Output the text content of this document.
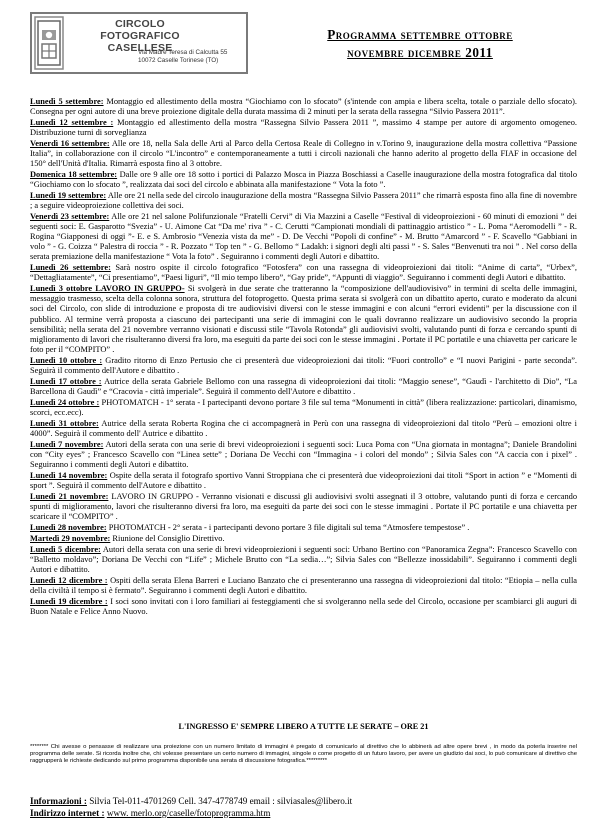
CIRCOLO FOTOGRAFICO CASELLESE
Via Madre Teresa di Calcutta 55
10072 Caselle Torinese (TO)
Programma settembre ottobre
novembre dicembre 2011

Lunedì 5 settembre: Montaggio ed allestimento della mostra “Giochiamo con lo sfocato” (s'intende con ampia e libera scelta, totale o parziale dello sfocato). Consegna per ogni autore di una breve proiezione digitale della durata massima di 2 minuti per la serata della rassegna “Silvio Passera 2011”.

Lunedì 12 settembre : Montaggio ed allestimento della mostra “Rassegna Silvio Passera 2011 ”, massimo 4 stampe per autore di argomento omogeneo. Distribuzione turni di sorveglianza

Venerdì 16 settembre: Alle ore 18, nella Sala delle Arti al Parco della Certosa Reale di Collegno in v.Torino 9, inaugurazione della mostra collettiva “Passione Italia”, in collaborazione con il circolo “L'incontro” e contemporaneamente a tutti i circoli nazionali che hanno aderito al progetto della FIAF in occasione del 150° dell'Unità d'Italia. Rimarrà esposta fino al 3 ottobre.

Domenica 18 settembre: Dalle ore 9 alle ore 18 sotto i portici di Palazzo Mosca in Piazza Boschiassi a Caselle inaugurazione della mostra fotografica dal titolo “Giochiamo con lo sfocato ”, realizzata dai soci del circolo e abbinata alla manifestazione “ Vota la foto ”.

Lunedì 19 settembre: Alle ore 21 nella sede del circolo inaugurazione della mostra “Rassegna Silvio Passera 2011” che rimarrà esposta fino alla fine di novembre ; a seguire videoproiezione collettiva dei soci.

Venerdì 23 settembre: Alle ore 21 nel salone Polifunzionale “Fratelli Cervi” di Via Mazzini a Caselle “Festival di videoproiezioni - 60 minuti di emozioni ” dei seguenti soci: E. Gasparotto “Svezia” - U. Aimone Cat “Da me' riva ” - C. Cerutti “Campionati mondiali di pattinaggio artistico ” - L. Poma “Aeromodelli ” - R. Rogina “Giapponesi di oggi ”- E. e S. Ambrosio “Venezia vista da me” - D. De Vecchi “Popoli di confine” - M. Brutto “Amarcord ” - F. Scavello “Gabbiani in volo ” - G. Coizza “ Palestra di roccia ” - R. Pozzato “ Top ten ” - G. Bellomo “ Ladakh: i signori degli alti passi ” - S. Sales “Benvenuti tra noi ” . Nel corso della serata premiazione della manifestazione “ Vota la foto” . Seguiranno i commenti degli Autori e dibattito.

Lunedì 26 settembre: Sarà nostro ospite il circolo fotografico “Fotosfera” con una rassegna di videoproiezioni dai titoli: “Anime di carta”, “Urbex”, “Dettagliatamente”, “Ci presentiamo”, “Paesi liguri”, “Il mio tempo libero”, “Gay pride”, “Appunti di viaggio”. Seguiranno i commenti degli Autori e dibattito.

Lunedì 3 ottobre LAVORO IN GRUPPO- Si svolgerà in due serate che tratteranno la “composizione dell'audiovisivo” in termini di scelta delle immagini, messaggio trasmesso, scelta della colonna sonora, struttura del fotoprogetto. Questa prima serata si svolgerà con un dibattito aperto, curato e moderato da alcuni soci del Circolo, con slide di introduzione e proposta di tre audiovisivi diversi con le stesse immagini e con alcuni “errori evidenti” per la discussione con il pubblico. Al termine verrà proposta a ciascuno dei partecipanti una serie di immagini con le quali dovranno realizzare un audiovisivo secondo la propria sensibilità; nella serata del 21 novembre verranno visionati e discussi stile “Tavola Rotonda” gli audiovisivi svolti, valutando punti di forza e cercando spunti di miglioramento di lavori che risulteranno diversi fra loro, ma eseguiti da parte dei soci con le stesse immagini . Portate il PC portatile e una chiavetta per caricare le foto per il “COMPITO” .

Lunedì 10 ottobre : Gradito ritorno di Enzo Pertusio che ci presenterà due videoproiezioni dai titoli: “Fuori controllo” e “I nuovi Parigini - parte seconda”. Seguirà il commento dell'Autore e dibattito .

Lunedì 17 ottobre : Autrice della serata Gabriele Bellomo con una rassegna di videoproiezioni dai titoli: “Maggio senese”, “Gaudì - l'architetto di Dio”, “La Barcellona di Gaudì” e “Cracovia - città imperiale”. Seguirà il commento dell'Autore e dibattito .

Lunedì 24 ottobre : PHOTOMATCH - 1° serata - I partecipanti devono portare 3 file sul tema “Monumenti in città” (libera realizzazione: particolari, dinamismo, scorci, ecc.ecc).

Lunedì 31 ottobre: Autrice della serata Roberta Rogina che ci accompagnerà in Perù con una rassegna di videoproiezioni dal titolo “Perù – emozioni oltre i 4000”. Seguirà il commento dell' Autrice e dibattito .

Lunedì 7 novembre: Autori della serata con una serie di brevi videoproiezioni i seguenti soci: Luca Poma con “Una giornata in montagna”; Daniele Brandolini con “City eyes” ; Francesco Scavello con “Linea sette” ; Doriana De Vecchi con “Immagina - i colori del mondo” ; Silvia Sales con “A caccia con i pixel” . Seguiranno i commenti degli Autori e dibattito.

Lunedì 14 novembre: Ospite della serata il fotografo sportivo Vanni Stroppiana che ci presenterà due videoproiezioni dai titoli “Sport in action ” e “Momenti di sport ”. Seguirà il commento dell'Autore e dibattito .

Lunedì 21 novembre: LAVORO IN GRUPPO - Verranno visionati e discussi gli audiovisivi svolti assegnati il 3 ottobre, valutando punti di forza e cercando spunti di miglioramento, lavori che risulteranno diversi fra loro, ma eseguiti da parte dei soci con le stesse immagini . Portate il PC portatile e una chiavetta per scaricare il “COMPITO” .

Lunedì 28 novembre: PHOTOMATCH - 2° serata - i partecipanti devono portare 3 file digitali sul tema “Atmosfere tempestose” .

Martedì 29 novembre: Riunione del Consiglio Direttivo.

Lunedì 5 dicembre: Autori della serata con una serie di brevi videoproiezioni i seguenti soci: Urbano Bertino con “Panoramica Zegna”: Francesco Scavello con “Balletto moldavo”; Doriana De Vecchi con “Life” ; Michele Brutto con “La sedia…”; Silvia Sales con “Bellezze inossidabili”. Seguiranno i commenti degli Autori e dibattito.

Lunedì 12 dicembre : Ospiti della serata Elena Barreri e Luciano Banzato che ci presenteranno una rassegna di videoproiezioni dal titolo: “Etiopia – nella culla della civiltà il tempo si è fermato”. Seguiranno i commenti degli Autori e dibattito.

Lunedì 19 dicembre : I soci sono invitati con i loro familiari ai festeggiamenti che si svolgeranno nella sede del Circolo, occasione per scambiarci gli auguri di Buon Natale e Felice Anno Nuovo.

L'INGRESSO E' SEMPRE LIBERO A TUTTE LE SERATE – ORE 21
******** Chi avesse o pensasse di realizzare una proiezione con un numero limitato di immagini è pregato di comunicarlo al direttivo che lo abbinerà ad altre opere brevi , in modo da poterla inserire nel programma delle serate. Si ricorda inoltre che, chi volesse presentare un certo numero di immagini, singole o come progetto di un futuro lavoro, per avere un giudizio dai soci, lo può comunicare al direttivo che raggrupperà le richieste dedicando sul primo programma disponibile una serata di discussione fotografica.*********
Informazioni : Silvia Tel-011-4701269 Cell. 347-4778749 email : silviasales@libero.it
Indirizzo internet : www. merlo.org/caselle/fotoprogramma.htm
